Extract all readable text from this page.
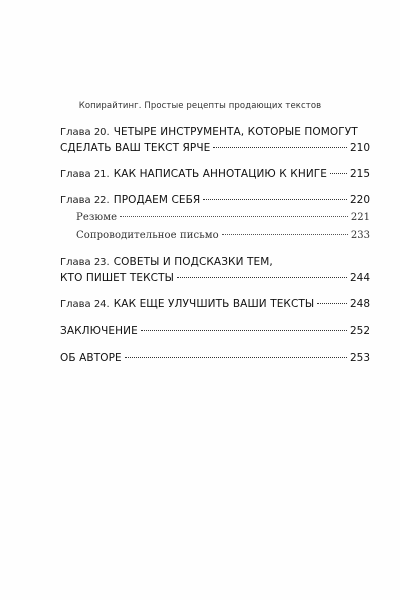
Копирайтинг. Простые рецепты продающих текстов
Глава 20. ЧЕТЫРЕ ИНСТРУМЕНТА, КОТОРЫЕ ПОМОГУТ
СДЕЛАТЬ ВАШ ТЕКСТ ЯРЧЕ	210
Глава 21. КАК НАПИСАТЬ АННОТАЦИЮ К КНИГЕ 215
Глава 22. ПРОДАЕМ СЕБЯ	220
Резюме	221
Сопроводительное письмо	233
Глава 23. СОВЕТЫ И ПОДСКАЗКИ ТЕМ,
КТО ПИШЕТ ТЕКСТЫ	244
Глава 24. КАК ЕЩЕ УЛУЧШИТЬ ВАШИ ТЕКСТЫ	248
ЗАКЛЮЧЕНИЕ	252
ОБ АВТОРЕ	253
